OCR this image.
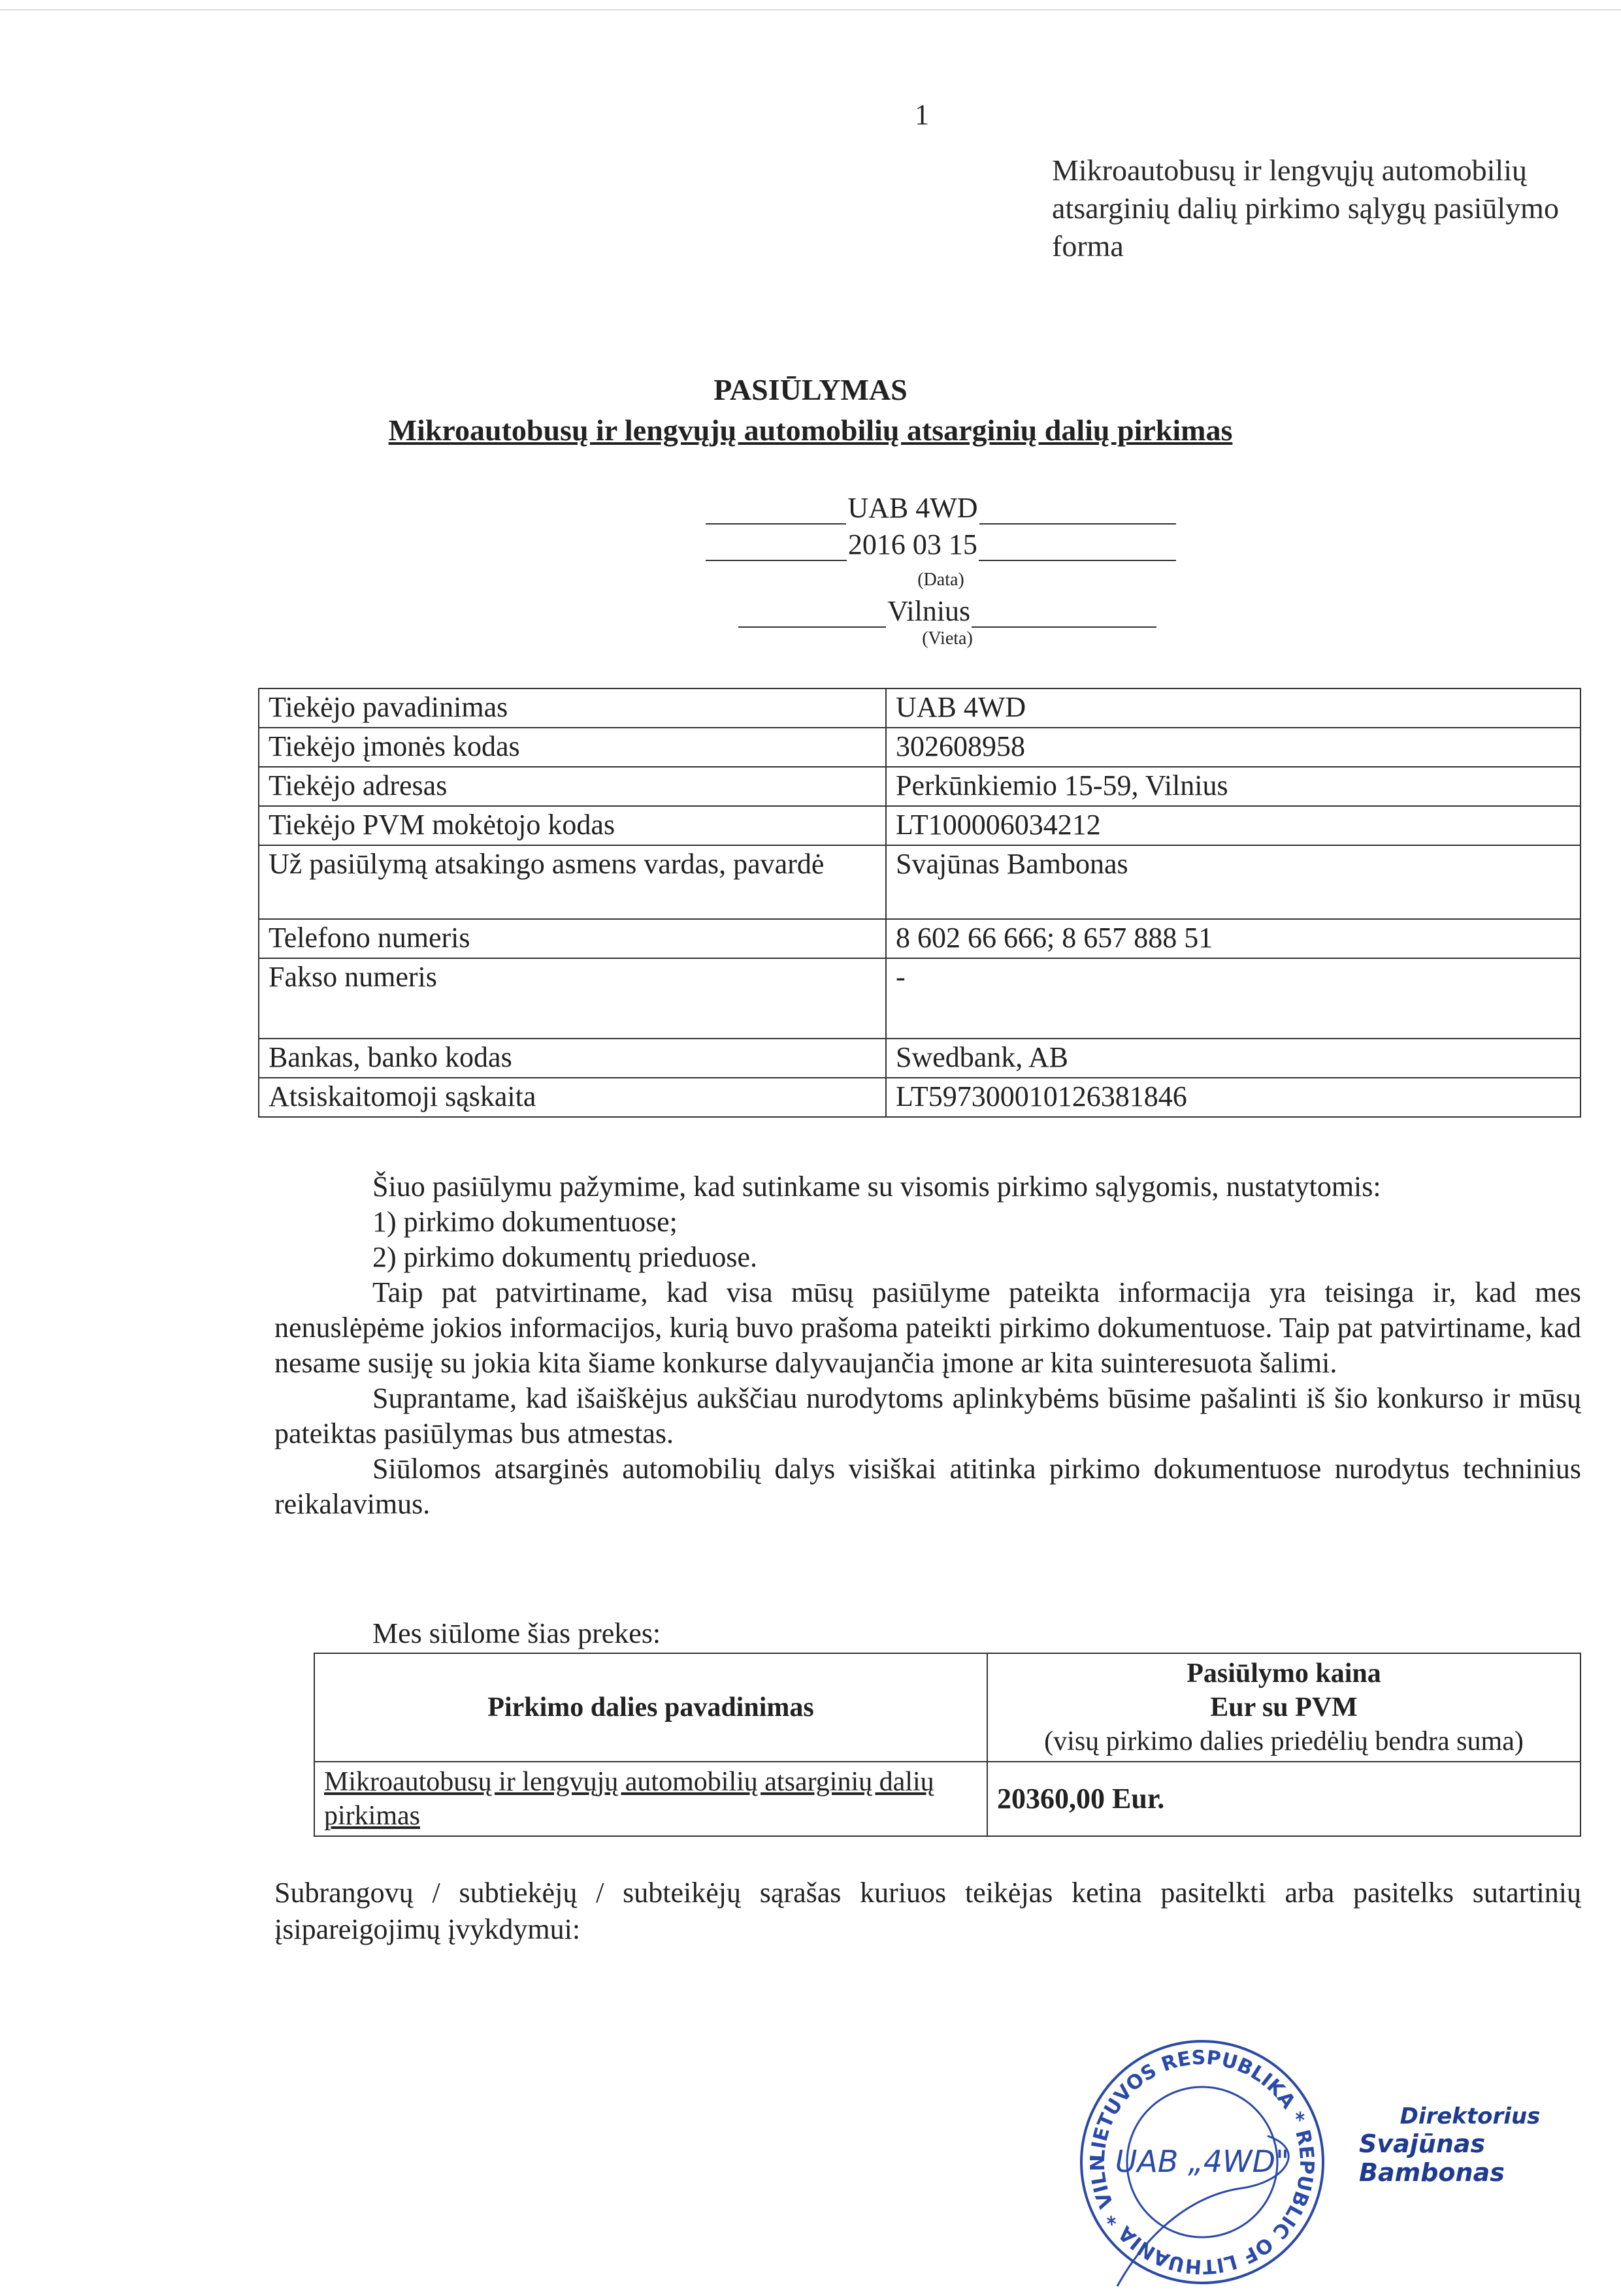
1
Mikroautobusų ir lengvųjų automobilių
atsarginių dalių pirkimo sąlygų pasiūlymo
forma
PASIŪLYMAS
Mikroautobusų ir lengvųjų automobilių atsarginių dalių pirkimas
UAB 4WD
2016 03 15
(Data)
Vilnius
(Vieta)
Tiekėjo pavadinimas	UAB 4WD
Tiekėjo įmonės kodas	302608958
Tiekėjo adresas	Perkūnkiemio 15-59, Vilnius
Tiekėjo PVM mokėtojo kodas	LT100006034212
Už pasiūlymą atsakingo asmens vardas, pavardė	Svajūnas Bambonas
Telefono numeris	8 602 66 666; 8 657 888 51
Fakso numeris	-
Bankas, banko kodas	Swedbank, AB
Atsiskaitomoji sąskaita	LT597300010126381846

Šiuo pasiūlymu pažymime, kad sutinkame su visomis pirkimo sąlygomis, nustatytomis:

1) pirkimo dokumentuose;

2) pirkimo dokumentų prieduose.

Taip pat patvirtiname, kad visa mūsų pasiūlyme pateikta informacija yra teisinga ir, kad mes nenuslėpėme jokios informacijos, kurią buvo prašoma pateikti pirkimo dokumentuose. Taip pat patvirtiname, kad nesame susiję su jokia kita šiame konkurse dalyvaujančia įmone ar kita suinteresuota šalimi.

Suprantame, kad išaiškėjus aukščiau nurodytoms aplinkybėms būsime pašalinti iš šio konkurso ir mūsų pateiktas pasiūlymas bus atmestas.

Siūlomos atsarginės automobilių dalys visiškai atitinka pirkimo dokumentuose nurodytus techninius reikalavimus.

Mes siūlome šias prekes:
Pirkimo dalies pavadinimas	Pasiūlymo kaina
Eur su PVM
(visų pirkimo dalies priedėlių bendra suma)

Mikroautobusų ir lengvųjų automobilių atsarginių dalių pirkimas	20360,00 Eur.
Subrangovų / subtiekėjų / subteikėjų sąrašas kuriuos teikėjas ketina pasitelkti arba pasitelks sutartinių įsipareigojimų įvykdymui:
LIETUVOS RESPUBLIKA * REPUBLIC OF LITHUANIA * VILN UAB „4WD"
Direktorius
Svajūnas Bambonas
